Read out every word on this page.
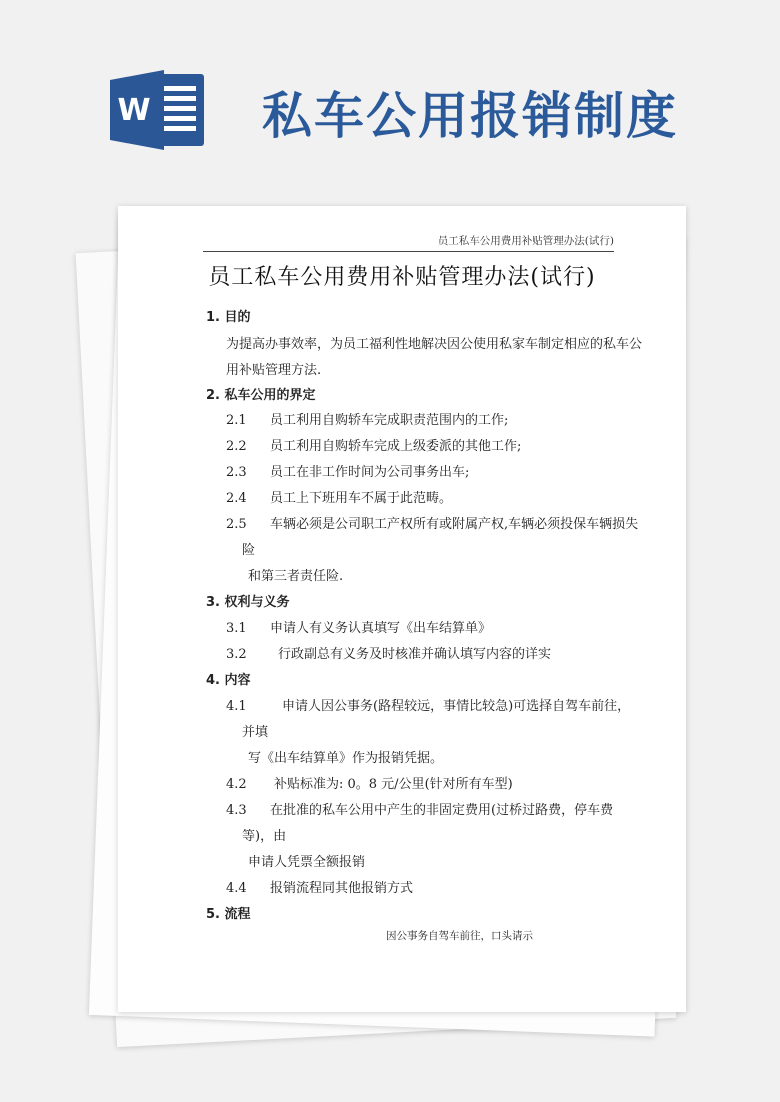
W 私车公用报销制度
员工私车公用费用补贴管理办法(试行)
员工私车公用费用补贴管理办法(试行)
1. 目的
为提高办事效率，为员工福利性地解决因公使用私家车制定相应的私车公
用补贴管理方法.
2. 私车公用的界定
2.1 员工利用自购轿车完成职责范围内的工作;
2.2 员工利用自购轿车完成上级委派的其他工作;
2.3 员工在非工作时间为公司事务出车;
2.4 员工上下班用车不属于此范畴。
2.5 车辆必须是公司职工产权所有或附属产权,车辆必须投保车辆损失
险
和第三者责任险.
3. 权利与义务
3.1 申请人有义务认真填写《出车结算单》
3.2 行政副总有义务及时核准并确认填写内容的详实
4. 内容
4.1	申请人因公事务(路程较远，事情比较急)可选择自驾车前往，
并填
写《出车结算单》作为报销凭据。
4.2 补贴标准为: 0。8 元/公里(针对所有车型)
4.3 在批准的私车公用中产生的非固定费用(过桥过路费，停车费
等)，由
申请人凭票全额报销
4.4 报销流程同其他报销方式
5. 流程
因公事务自驾车前往，口头请示
